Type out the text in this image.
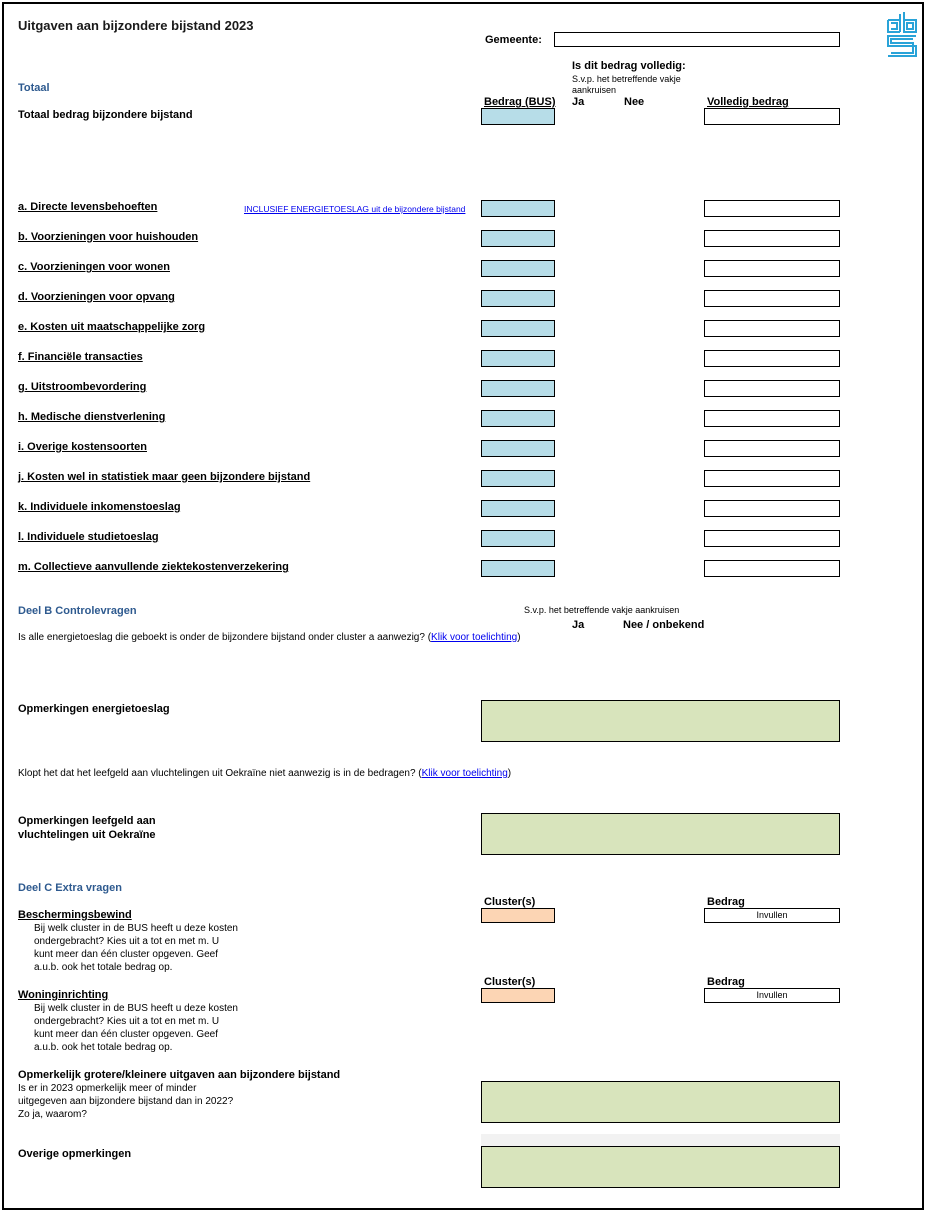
Uitgaven aan bijzondere bijstand 2023
Gemeente:
Totaal
Is dit bedrag volledig:
S.v.p. het betreffende vakje
aankruisen
Bedrag (BUS) Ja	Nee	Volledig bedrag
Totaal bedrag bijzondere bijstand
a. Directe levensbehoeften	INCLUSIEF ENERGIETOESLAG uit de bijzondere bijstand
b. Voorzieningen voor huishouden
c. Voorzieningen voor wonen
d. Voorzieningen voor opvang
e. Kosten uit maatschappelijke zorg
f. Financiële transacties
g. Uitstroombevordering
h. Medische dienstverlening
i. Overige kostensoorten
j. Kosten wel in statistiek maar geen bijzondere bijstand
k. Individuele inkomenstoeslag
l. Individuele studietoeslag
m. Collectieve aanvullende ziektekostenverzekering
Deel B Controlevragen	S.v.p. het betreffende vakje aankruisen
Ja	Nee / onbekend
Is alle energietoeslag die geboekt is onder de bijzondere bijstand onder cluster a aanwezig? (Klik voor toelichting)
Opmerkingen energietoeslag
Klopt het dat het leefgeld aan vluchtelingen uit Oekraïne niet aanwezig is in de bedragen? (Klik voor toelichting)
Opmerkingen leefgeld aan
vluchtelingen uit Oekraïne
Deel C Extra vragen
Beschermingsbewind
Bij welk cluster in de BUS heeft u deze kosten
ondergebracht? Kies uit a tot en met m. U
kunt meer dan één cluster opgeven. Geef
a.u.b. ook het totale bedrag op.
Cluster(s)	Bedrag
Invullen
Woninginrichting
Bij welk cluster in de BUS heeft u deze kosten
ondergebracht? Kies uit a tot en met m. U
kunt meer dan één cluster opgeven. Geef
a.u.b. ook het totale bedrag op.
Cluster(s)	Bedrag
Invullen
Opmerkelijk grotere/kleinere uitgaven aan bijzondere bijstand
Is er in 2023 opmerkelijk meer of minder
uitgegeven aan bijzondere bijstand dan in 2022?
Zo ja, waarom?
Overige opmerkingen
